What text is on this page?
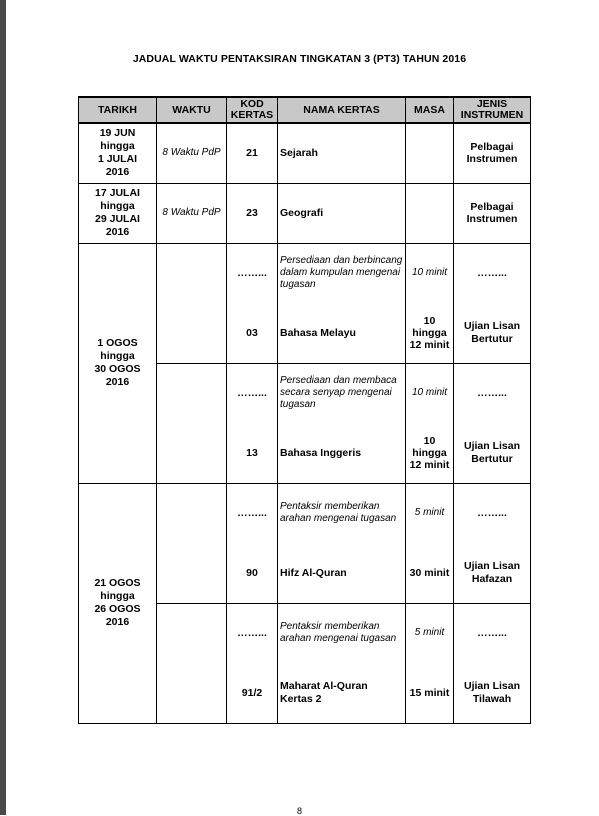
JADUAL WAKTU PENTAKSIRAN TINGKATAN 3 (PT3) TAHUN 2016
TARIKH	WAKTU	KOD
KERTAS	NAMA KERTAS	MASA	JENIS
INSTRUMEN

19 JUN
hingga
1 JULAI
2016	8 Waktu PdP	21	Sejarah		Pelbagai
Instrumen

17 JULAI
hingga
29 JULAI
2016	8 Waktu PdP	23	Geografi		Pelbagai
Instrumen

1 OGOS
hingga
30 OGOS
2016		……...	Persediaan dan berbincang dalam kumpulan mengenai tugasan	10 minit	……...
		03	Bahasa Melayu	10
hingga
12 minit	Ujian Lisan
Bertutur

		……...	Persediaan dan membaca secara senyap mengenai tugasan	10 minit	……...
		13	Bahasa Inggeris	10
hingga
12 minit	Ujian Lisan
Bertutur

21 OGOS
hingga
26 OGOS
2016		……...	Pentaksir memberikan arahan mengenai tugasan	5 minit	……...
		90	Hifz Al-Quran	30 minit	Ujian Lisan
Hafazan

		……...	Pentaksir memberikan arahan mengenai tugasan	5 minit	……...
		91/2	Maharat Al-Quran
Kertas 2	15 minit	Ujian Lisan
Tilawah
8
